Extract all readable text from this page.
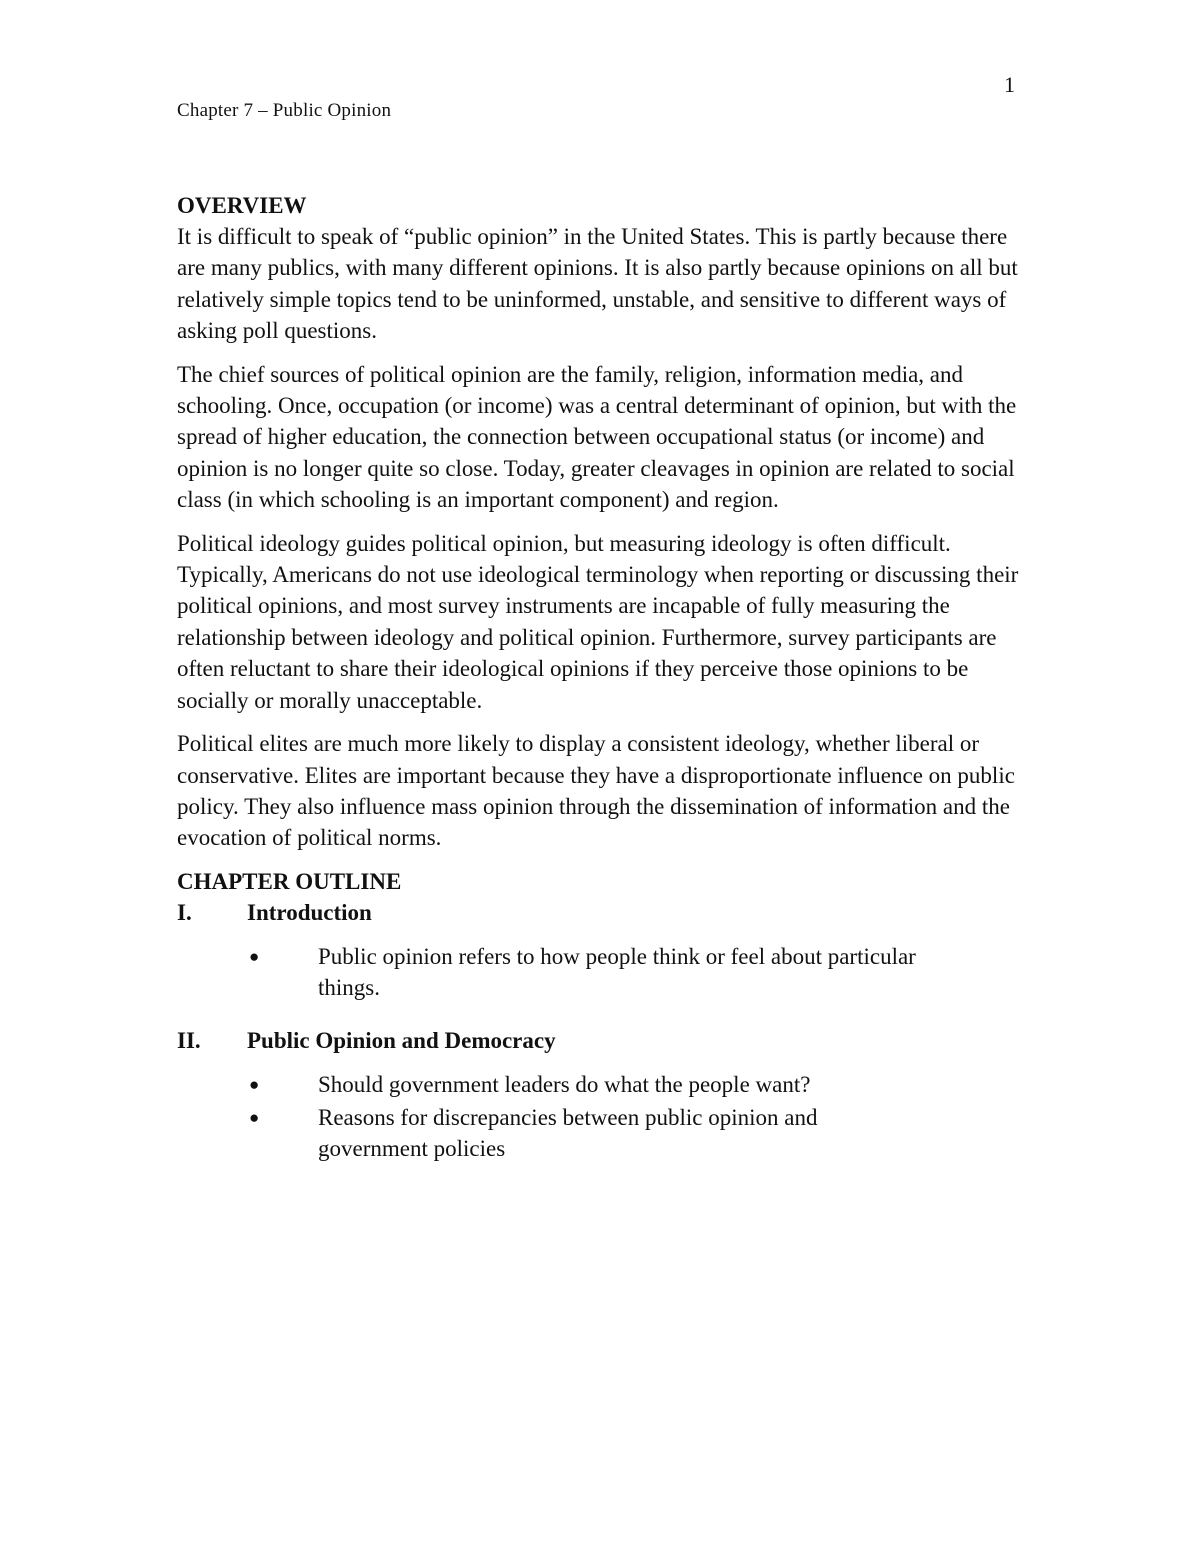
1
Chapter 7 – Public Opinion
OVERVIEW

It is difficult to speak of “public opinion” in the United States. This is partly because there are many publics, with many different opinions. It is also partly because opinions on all but relatively simple topics tend to be uninformed, unstable, and sensitive to different ways of asking poll questions.

The chief sources of political opinion are the family, religion, information media, and schooling. Once, occupation (or income) was a central determinant of opinion, but with the spread of higher education, the connection between occupational status (or income) and opinion is no longer quite so close. Today, greater cleavages in opinion are related to social class (in which schooling is an important component) and region.

Political ideology guides political opinion, but measuring ideology is often difficult. Typically, Americans do not use ideological terminology when reporting or discussing their political opinions, and most survey instruments are incapable of fully measuring the relationship between ideology and political opinion. Furthermore, survey participants are often reluctant to share their ideological opinions if they perceive those opinions to be socially or morally unacceptable.

Political elites are much more likely to display a consistent ideology, whether liberal or conservative. Elites are important because they have a disproportionate influence on public policy. They also influence mass opinion through the dissemination of information and the evocation of political norms.

CHAPTER OUTLINE
I.	Introduction
●	Public opinion refers to how people think or feel about particular things.
II.	Public Opinion and Democracy
●	Should government leaders do what the people want?
●	Reasons for discrepancies between public opinion and government policies
